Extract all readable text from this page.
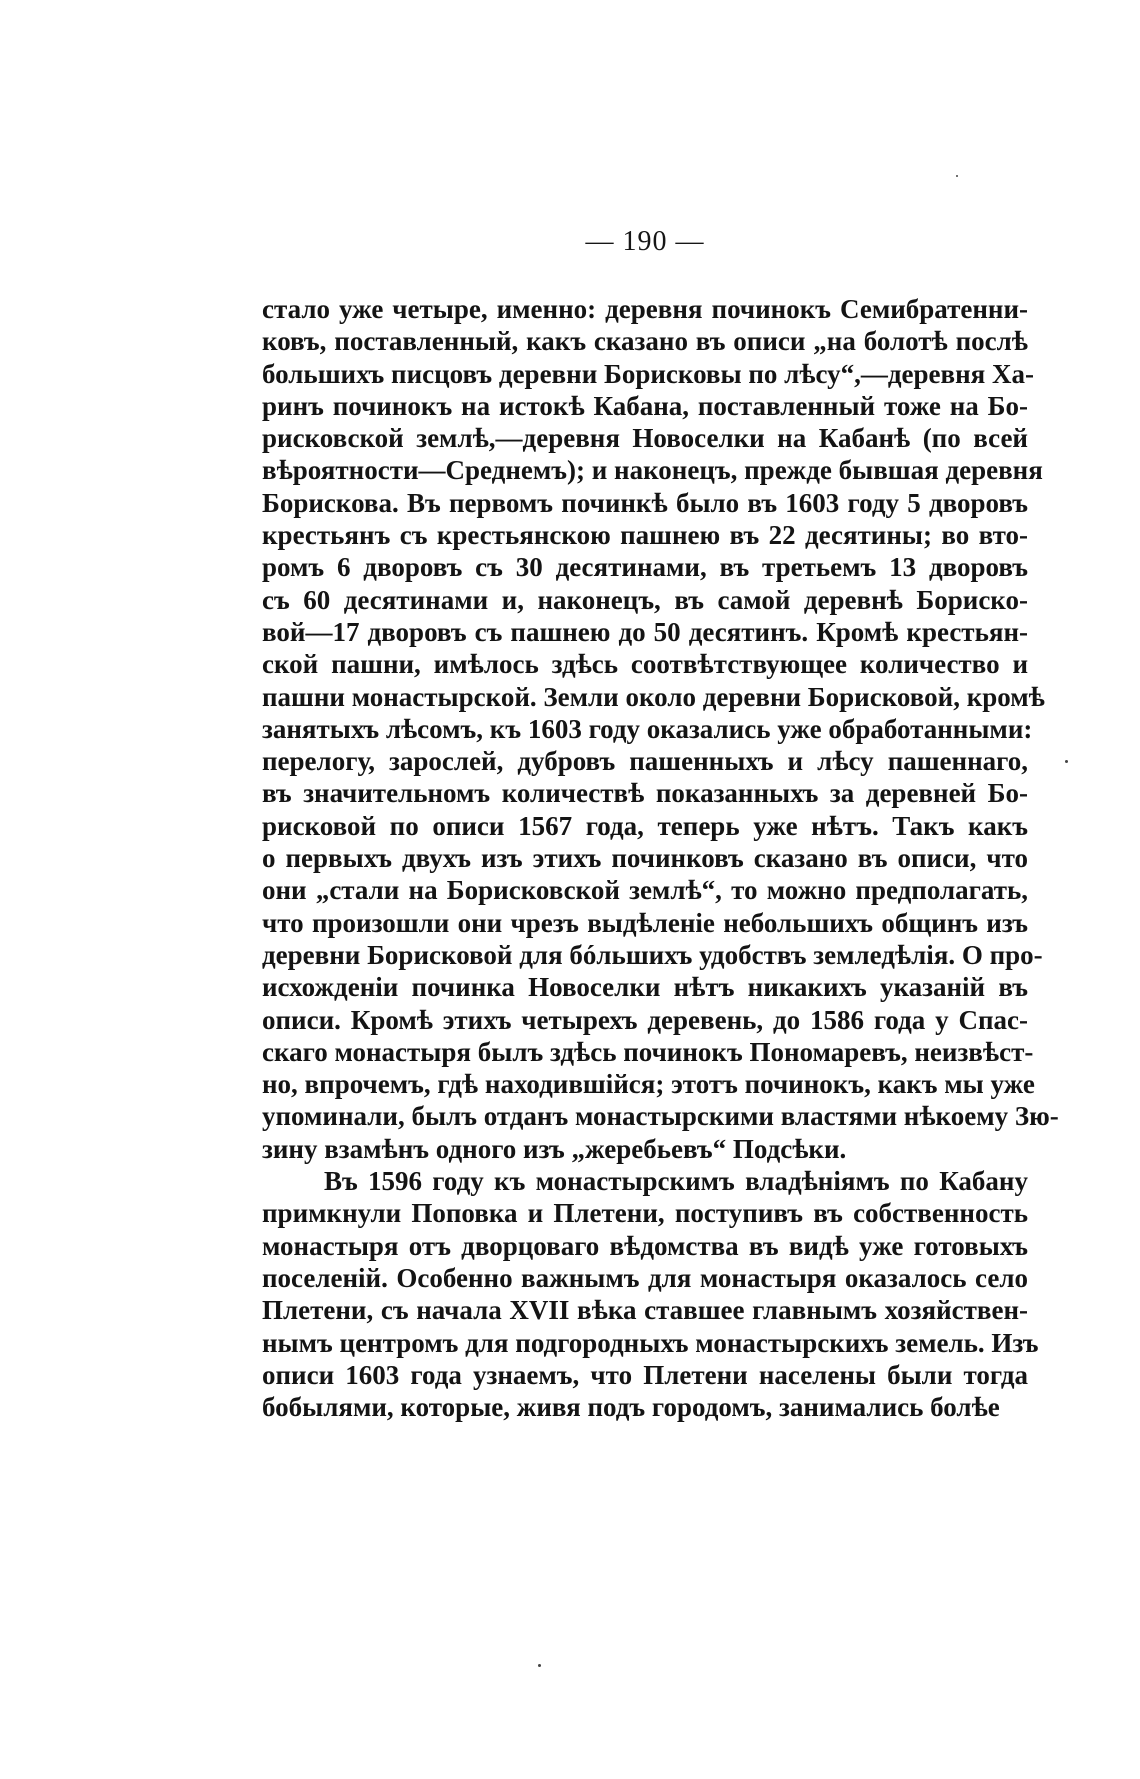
— 190 —
стало уже четыре, именно: деревня починокъ Семибратенни-
ковъ, поставленный, какъ сказано въ описи „на болотѣ послѣ
большихъ писцовъ деревни Борисковы по лѣсу“,—деревня Ха-
ринъ починокъ на истокѣ Кабана, поставленный тоже на Бо-
рисковской землѣ,—деревня Новоселки на Кабанѣ (по всей
вѣроятности—Среднемъ); и наконецъ, прежде бывшая деревня
Борискова. Въ первомъ починкѣ было въ 1603 году 5 дворовъ
крестьянъ съ крестьянскою пашнею въ 22 десятины; во вто-
ромъ 6 дворовъ съ 30 десятинами, въ третьемъ 13 дворовъ
съ 60 десятинами и, наконецъ, въ самой деревнѣ Бориско-
вой—17 дворовъ съ пашнею до 50 десятинъ. Кромѣ крестьян-
ской пашни, имѣлось здѣсь соотвѣтствующее количество и
пашни монастырской. Земли около деревни Борисковой, кромѣ
занятыхъ лѣсомъ, къ 1603 году оказались уже обработанными:
перелогу, зарослей, дубровъ пашенныхъ и лѣсу пашеннаго,
въ значительномъ количествѣ показанныхъ за деревней Бо-
рисковой по описи 1567 года, теперь уже нѣтъ. Такъ какъ
о первыхъ двухъ изъ этихъ починковъ сказано въ описи, что
они „стали на Борисковской землѣ“, то можно предполагать,
что произошли они чрезъ выдѣленіе небольшихъ общинъ изъ
деревни Борисковой для бóльшихъ удобствъ земледѣлія. О про-
исхожденіи починка Новоселки нѣтъ никакихъ указаній въ
описи. Кромѣ этихъ четырехъ деревень, до 1586 года у Спас-
скаго монастыря былъ здѣсь починокъ Пономаревъ, неизвѣст-
но, впрочемъ, гдѣ находившійся; этотъ починокъ, какъ мы уже
упоминали, былъ отданъ монастырскими властями нѣкоему Зю-
зину взамѣнъ одного изъ „жеребьевъ“ Подсѣки.
Въ 1596 году къ монастырскимъ владѣніямъ по Кабану
примкнули Поповка и Плетени, поступивъ въ собственность
монастыря отъ дворцоваго вѣдомства въ видѣ уже готовыхъ
поселеній. Особенно важнымъ для монастыря оказалось село
Плетени, съ начала XVII вѣка ставшее главнымъ хозяйствен-
нымъ центромъ для подгородныхъ монастырскихъ земель. Изъ
описи 1603 года узнаемъ, что Плетени населены были тогда
бобылями, которые, живя подъ городомъ, занимались болѣе
